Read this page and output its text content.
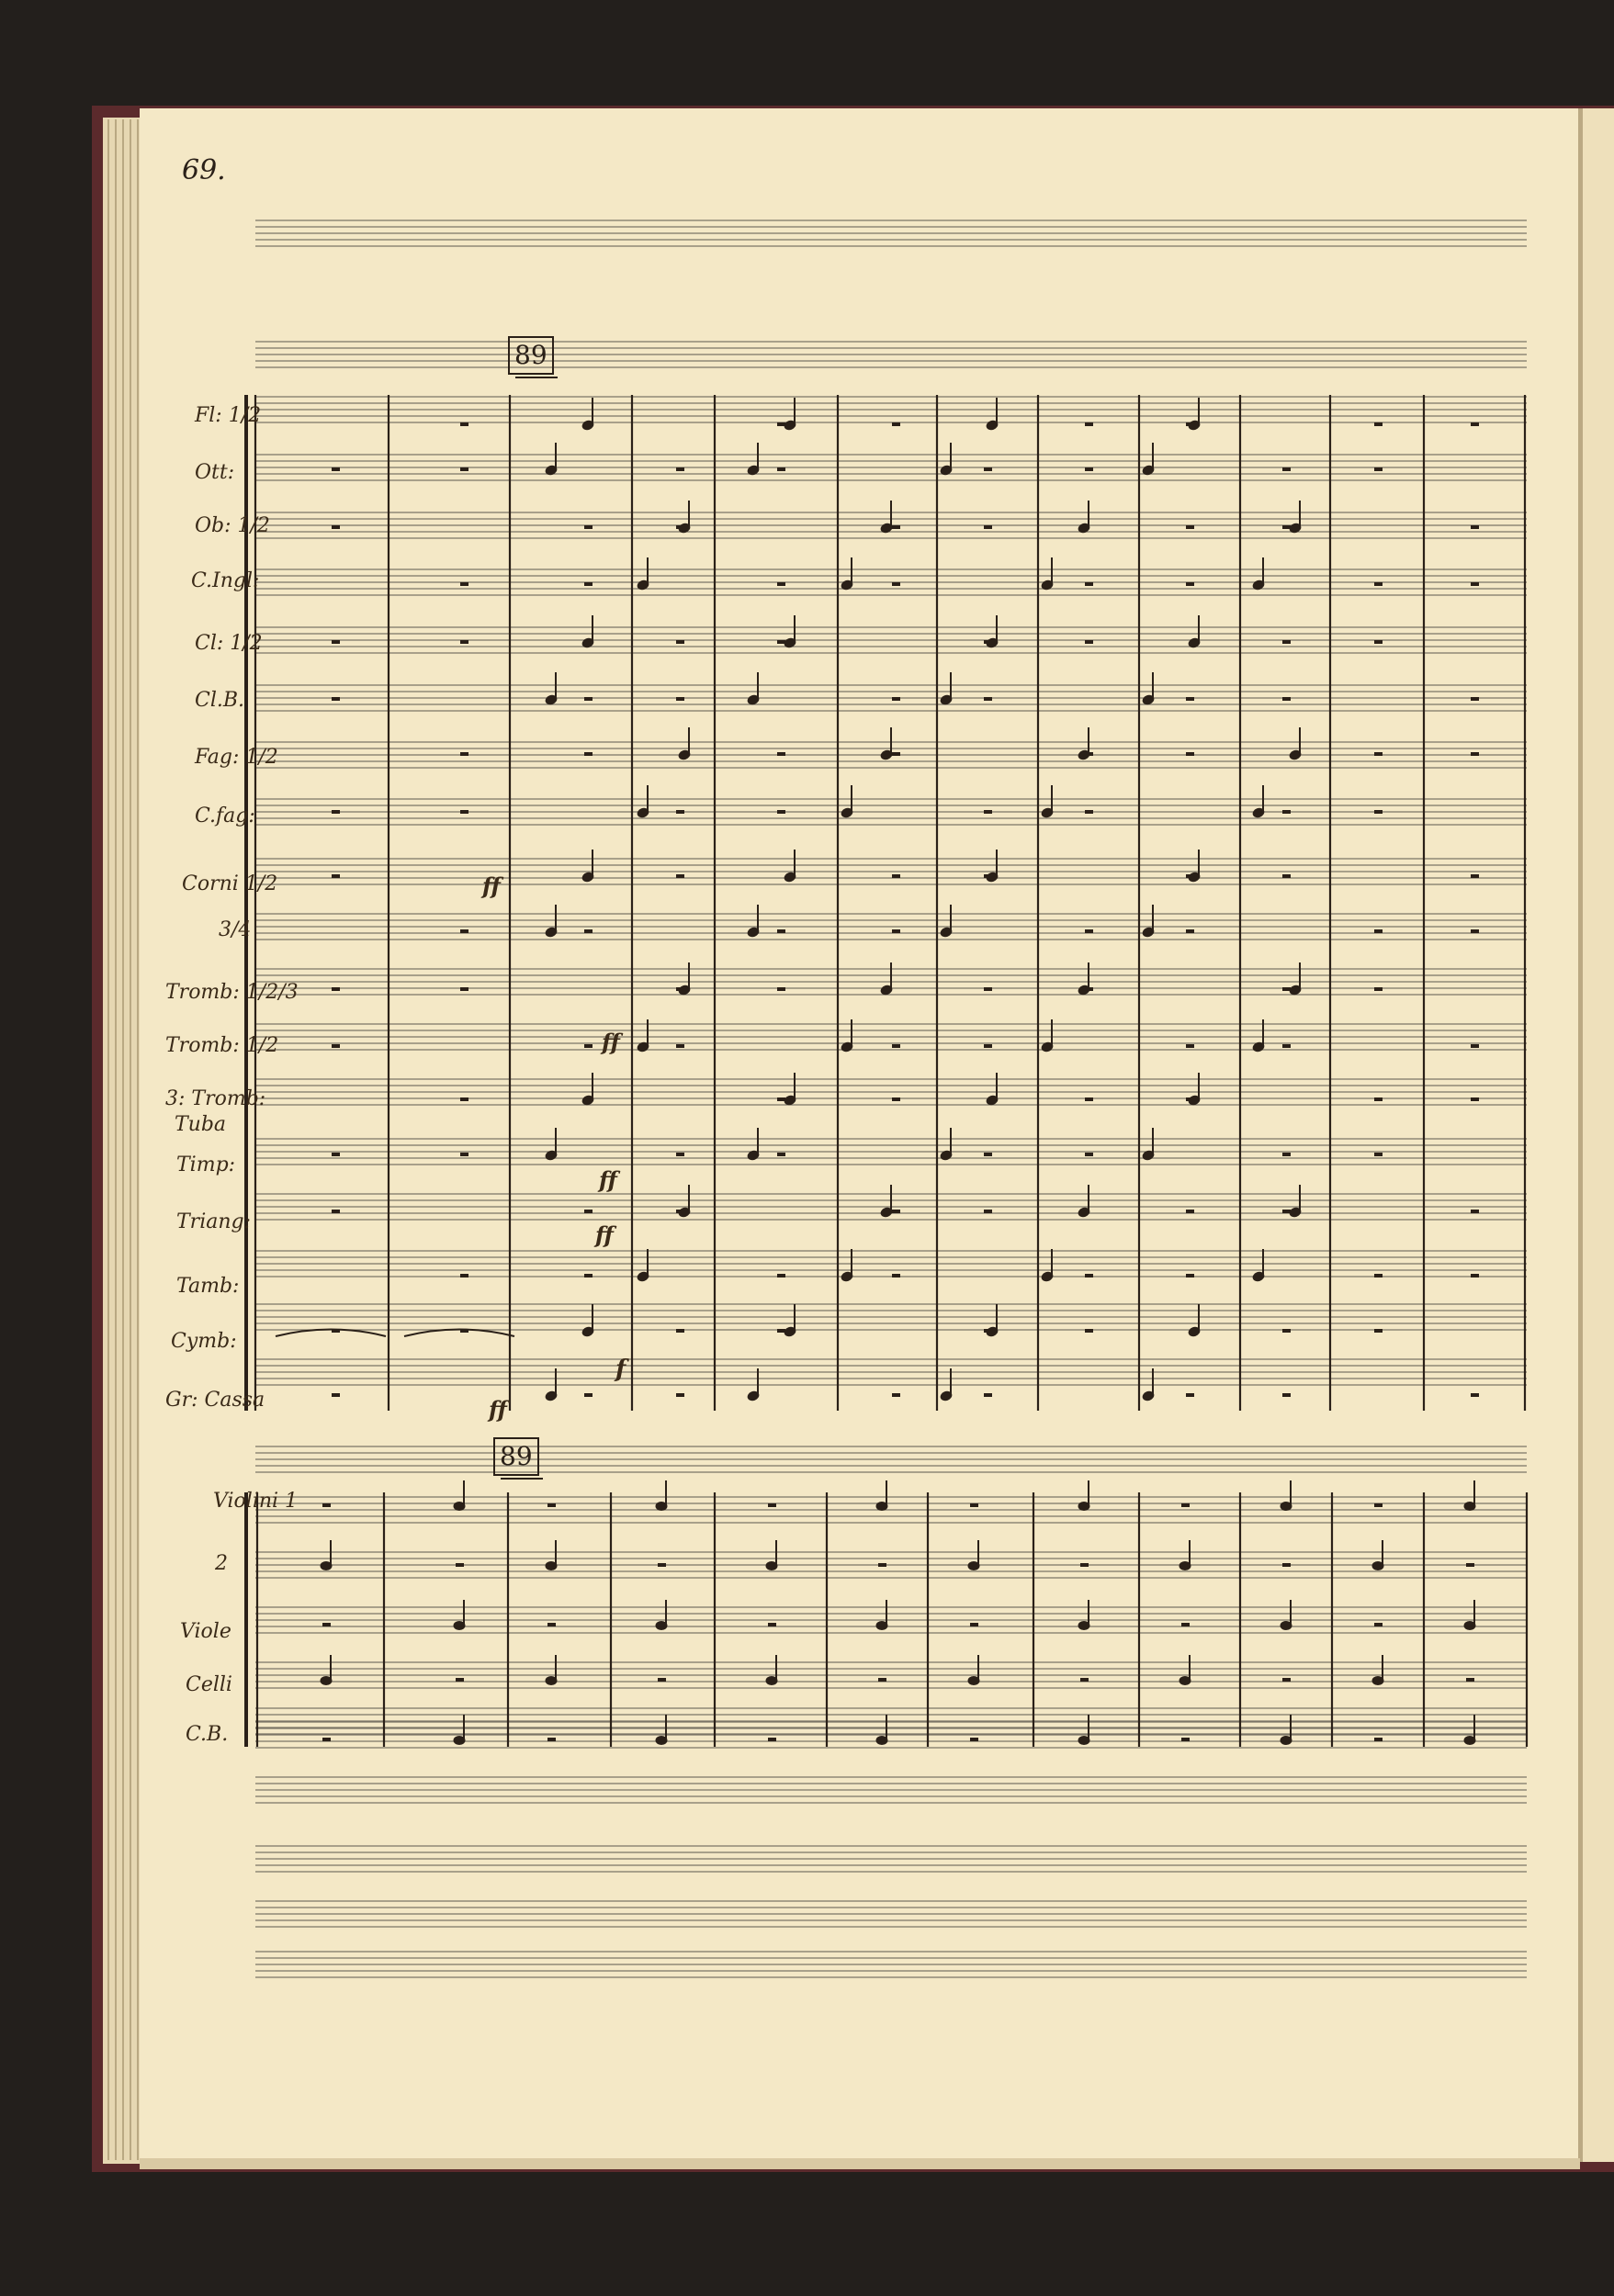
69.
89
89
Fl: 1/2
Ott:
Ob: 1/2
C.Ingl:
Cl: 1/2
Cl.B.
Fag: 1/2
C.fag:
Corni 1/2
3/4
Tromb: 1/2/3
Tromb: 1/2
3: Tromb:
Tuba
Timp:
Triang:
Tamb:
Cymb:
Gr: Cassa
Violini 1
2
Viole
Celli
C.B.
ff
ff
ff
ff
f
ff
